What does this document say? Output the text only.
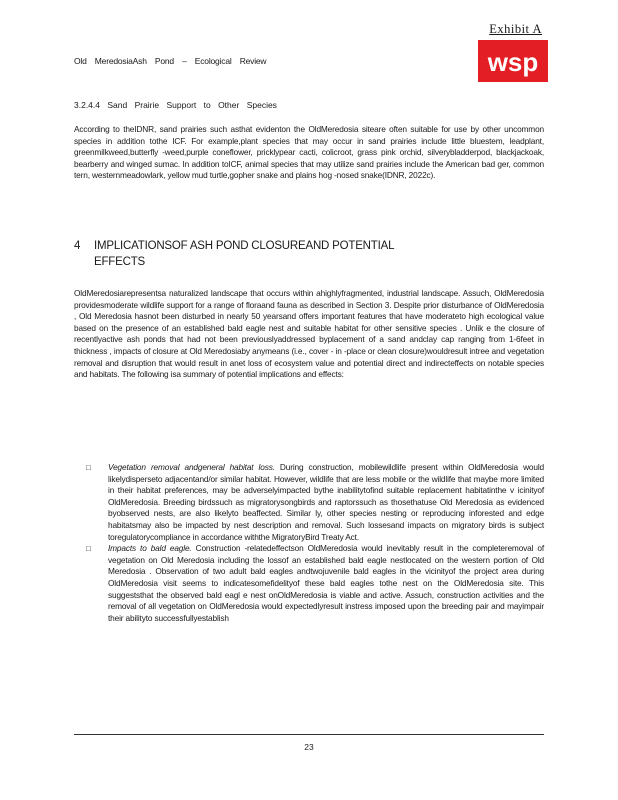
Exhibit A
Old MeredosiaAsh Pond – Ecological Review	wsp
3.2.4.4 Sand Prairie Support to Other Species
According to theIDNR, sand prairies such asthat evidenton the OldMeredosia siteare often suitable for use by other uncommon species in addition tothe ICF. For example,plant species that may occur in sand prairies include little bluestem, leadplant, greenmilkweed,butterfly -weed,purple coneflower, pricklypear cacti, colicroot, grass pink orchid, silverybladderpod, blackjackoak, bearberry and winged sumac. In addition toICF, animal species that may utilize sand prairies include the American bad ger, common tern, westernmeadowlark, yellow mud turtle,gopher snake and plains hog -nosed snake(IDNR, 2022c).
4 IMPLICATIONSOF ASH POND CLOSUREAND POTENTIAL
EFFECTS
OldMeredosiarepresentsa naturalized landscape that occurs within ahighlyfragmented, industrial landscape. Assuch, OldMeredosia providesmoderate wildlife support for a range of floraand fauna as described in Section 3. Despite prior disturbance of OldMeredosia , Old Meredosia hasnot been disturbed in nearly 50 yearsand offers important features that have moderateto high ecological value based on the presence of an established bald eagle nest and suitable habitat for other sensitive species . Unlik e the closure of recentlyactive ash ponds that had not been previouslyaddressed byplacement of a sand andclay cap ranging from 1-6feet in thickness , impacts of closure at Old Meredosiaby anymeans (i.e., cover - in -place or clean closure)wouldresult intree and vegetation removal and disruption that would result in anet loss of ecosystem value and potential direct and indirecteffects on notable species and habitats. The following isa summary of potential implications and effects:
□	Vegetation removal andgeneral habitat loss. During construction, mobilewildlife present within OldMeredosia would likelydisperseto adjacentand/or similar habitat. However, wildlife that are less mobile or the wildlife that maybe more limited in their habitat preferences, may be adverselyimpacted bythe inabilitytofind suitable replacement habitatinthe v icinityof OldMeredosia. Breeding birdssuch as migratorysongbirds and raptorssuch as thosethatuse Old Meredosia as evidenced byobserved nests, are also likelyto beaffected. Similar ly, other species nesting or reproducing inforested and edge habitatsmay also be impacted by nest description and removal. Such lossesand impacts on migratory birds is subject toregulatorycompliance in accordance withthe MigratoryBird Treaty Act.
□	Impacts to bald eagle. Construction -relatedeffectson OldMeredosia would inevitably result in the completeremoval of vegetation on Old Meredosia including the lossof an established bald eagle nestlocated on the western portion of Old Meredosia . Observation of two adult bald eagles andtwojuvenile bald eagles in the vicinityof the project area during OldMeredosia visit seems to indicatesomefidelityof these bald eagles tothe nest on the OldMeredosia site. This suggeststhat the observed bald eagl e nest onOldMeredosia is viable and active. Assuch, construction activities and the removal of all vegetation on OldMeredosia would expectedlyresult instress imposed upon the breeding pair and mayimpair their abilityto successfullyestablish
23
